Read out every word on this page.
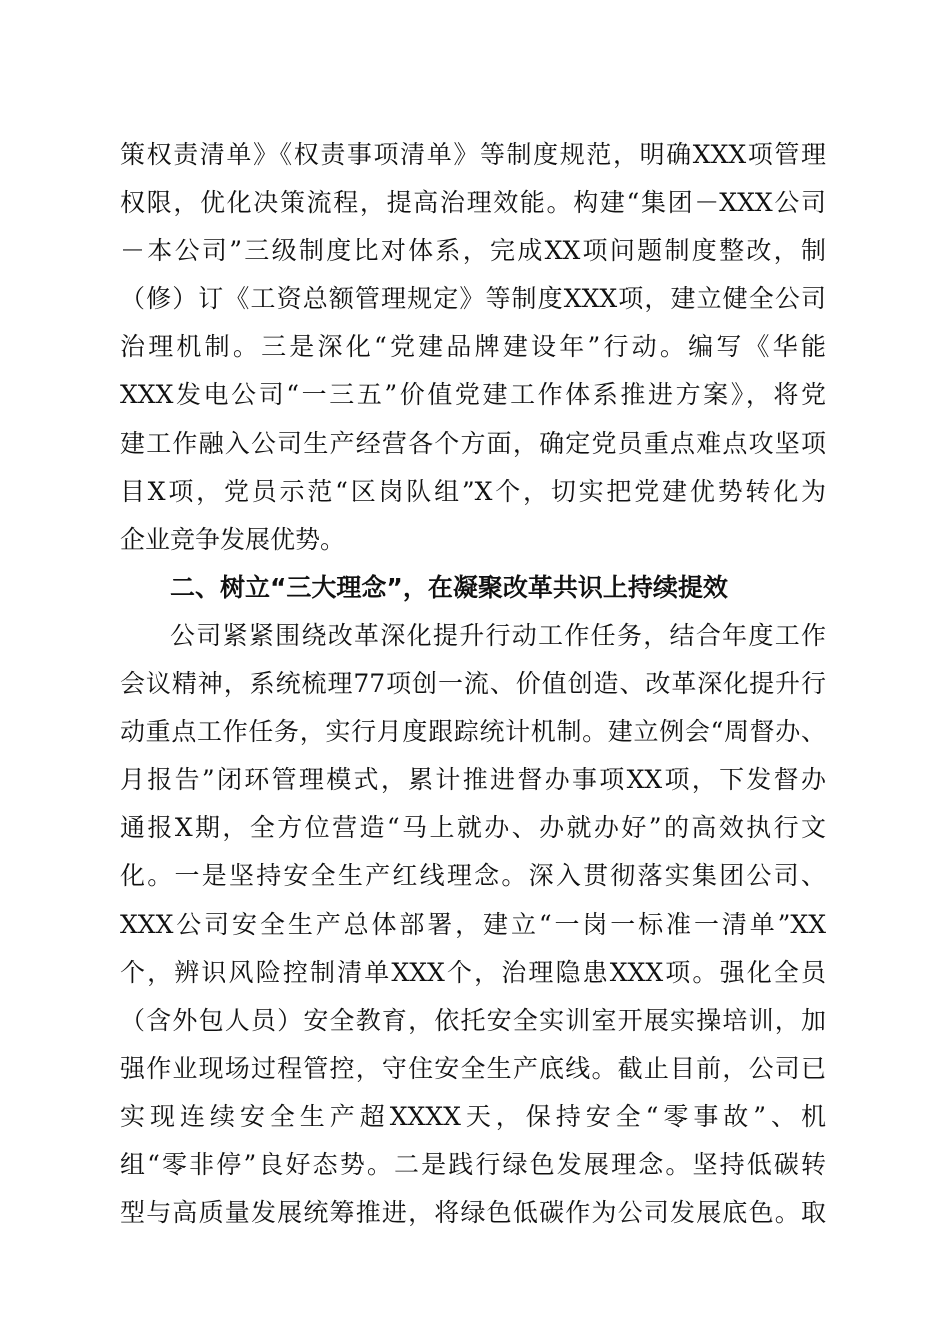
策权责清单》《权责事项清单》等制度规范，明确XXX项管理
权限，优化决策流程，提高治理效能。构建“集团－XXX公司
－本公司”三级制度比对体系，完成XX项问题制度整改，制
（修）订《工资总额管理规定》等制度XXX项，建立健全公司
治理机制。三是深化“党建品牌建设年”行动。编写《华能
XXX发电公司“一三五”价值党建工作体系推进方案》，将党
建工作融入公司生产经营各个方面，确定党员重点难点攻坚项
目X项，党员示范“区岗队组”X个，切实把党建优势转化为
企业竞争发展优势。
二、树立“三大理念”，在凝聚改革共识上持续提效
公司紧紧围绕改革深化提升行动工作任务，结合年度工作
会议精神，系统梳理77项创一流、价值创造、改革深化提升行
动重点工作任务，实行月度跟踪统计机制。建立例会“周督办、
月报告”闭环管理模式，累计推进督办事项XX项，下发督办
通报X期，全方位营造“马上就办、办就办好”的高效执行文
化。一是坚持安全生产红线理念。深入贯彻落实集团公司、
XXX公司安全生产总体部署，建立“一岗一标准一清单”XX
个，辨识风险控制清单XXX个，治理隐患XXX项。强化全员
（含外包人员）安全教育，依托安全实训室开展实操培训，加
强作业现场过程管控，守住安全生产底线。截止目前，公司已
实现连续安全生产超XXXX天，保持安全“零事故”、机
组“零非停”良好态势。二是践行绿色发展理念。坚持低碳转
型与高质量发展统筹推进，将绿色低碳作为公司发展底色。取
